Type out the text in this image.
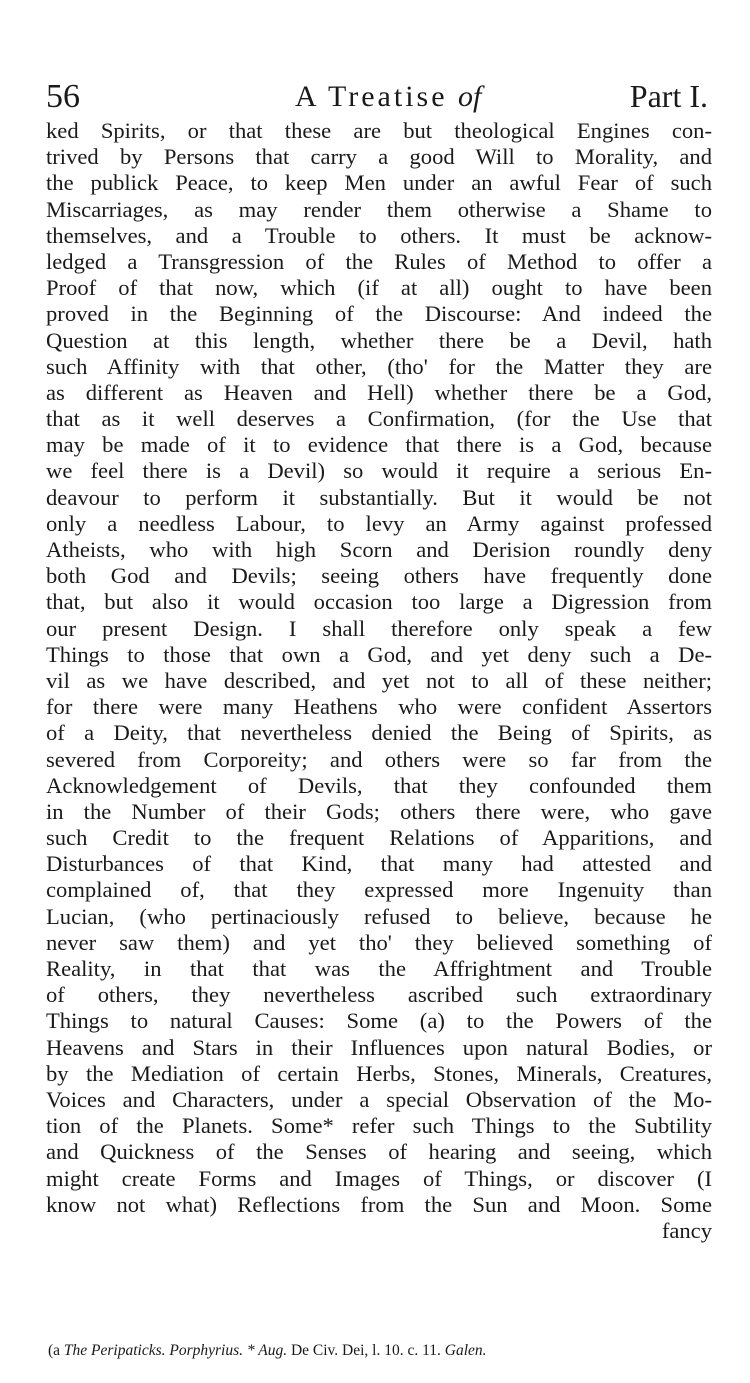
56	A Treatise of	Part I.
ked Spirits, or that these are but theological Engines con-
trived by Persons that carry a good Will to Morality, and
the publick Peace, to keep Men under an awful Fear of such
Miscarriages, as may render them otherwise a Shame to
themselves, and a Trouble to others. It must be acknow-
ledged a Transgression of the Rules of Method to offer a
Proof of that now, which (if at all) ought to have been
proved in the Beginning of the Discourse: And indeed the
Question at this length, whether there be a Devil, hath
such Affinity with that other, (tho' for the Matter they are
as different as Heaven and Hell) whether there be a God,
that as it well deserves a Confirmation, (for the Use that
may be made of it to evidence that there is a God, because
we feel there is a Devil) so would it require a serious En-
deavour to perform it substantially. But it would be not
only a needless Labour, to levy an Army against professed
Atheists, who with high Scorn and Derision roundly deny
both God and Devils; seeing others have frequently done
that, but also it would occasion too large a Digression from
our present Design. I shall therefore only speak a few
Things to those that own a God, and yet deny such a De-
vil as we have described, and yet not to all of these neither;
for there were many Heathens who were confident Assertors
of a Deity, that nevertheless denied the Being of Spirits, as
severed from Corporeity; and others were so far from the
Acknowledgement of Devils, that they confounded them
in the Number of their Gods; others there were, who gave
such Credit to the frequent Relations of Apparitions, and
Disturbances of that Kind, that many had attested and
complained of, that they expressed more Ingenuity than
Lucian, (who pertinaciously refused to believe, because he
never saw them) and yet tho' they believed something of
Reality, in that that was the Affrightment and Trouble
of others, they nevertheless ascribed such extraordinary
Things to natural Causes: Some (a) to the Powers of the
Heavens and Stars in their Influences upon natural Bodies, or
by the Mediation of certain Herbs, Stones, Minerals, Creatures,
Voices and Characters, under a special Observation of the Mo-
tion of the Planets. Some* refer such Things to the Subtility
and Quickness of the Senses of hearing and seeing, which
might create Forms and Images of Things, or discover (I
know not what) Reflections from the Sun and Moon. Some
fancy
(a The Peripaticks. Porphyrius. * Aug. De Civ. Dei, l. 10. c. 11. Galen.
